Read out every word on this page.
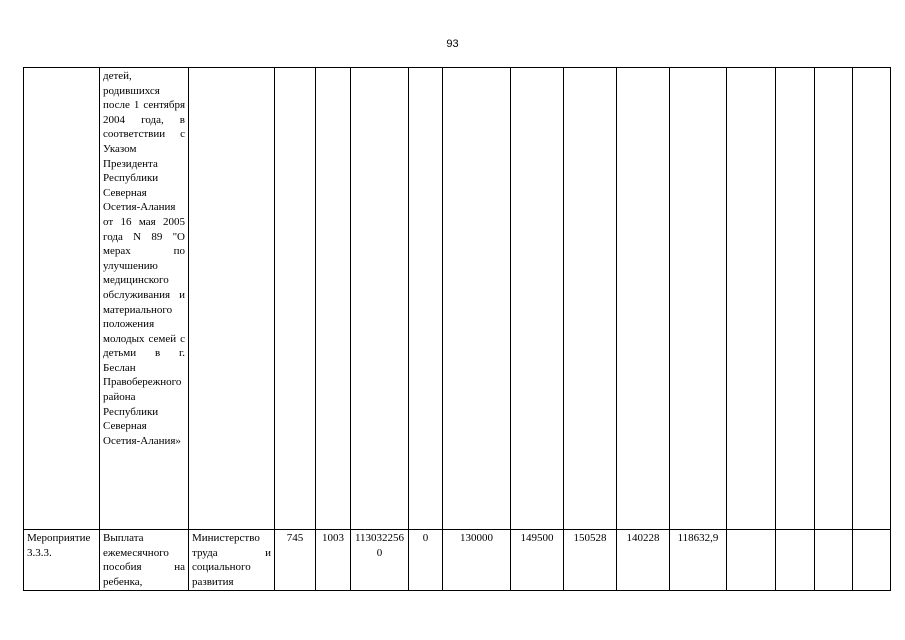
93

	детей, родившихся после 1 сентября 2004 года, в соответствии с Указом Президента Республики Северная Осетия-Алания от 16 мая 2005 года N 89 "О мерах по улучшению медицинского обслуживания и материального положения молодых семей с детьми в г. Беслан Правобережного района Республики Северная Осетия-Алания»														

Мероприятие 3.3.3.	Выплата ежемесячного пособия на ребенка,	Министерство труда и социального развития	745	1003	1130322560	0	130000	149500	150528	140228	118632,9				
